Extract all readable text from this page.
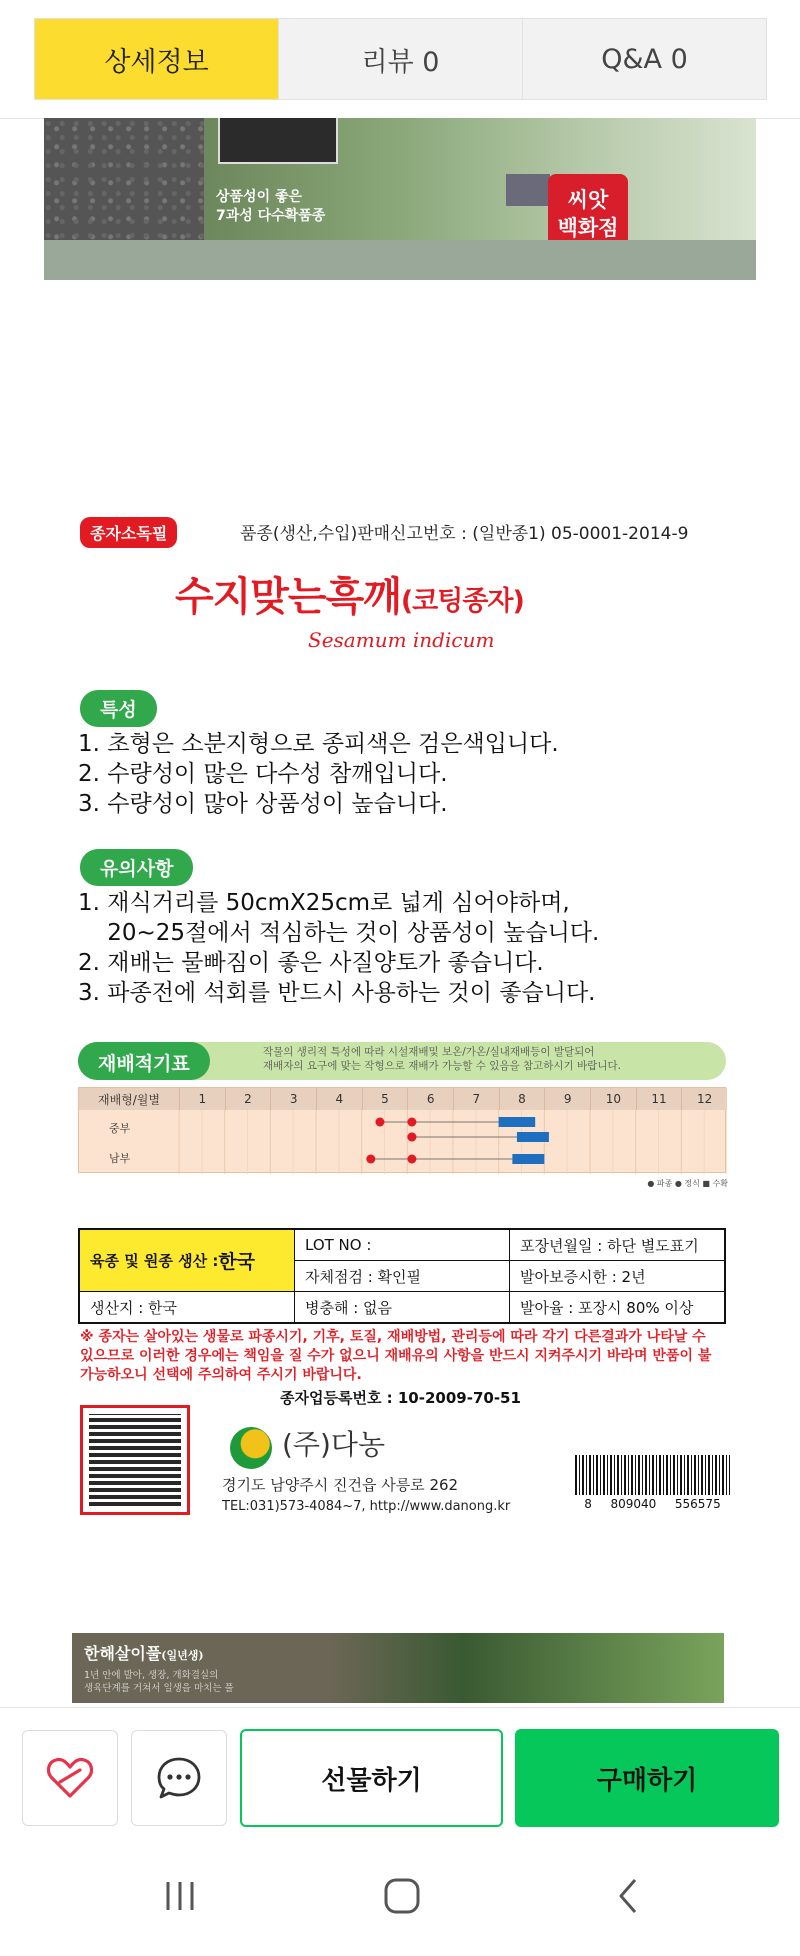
상세정보	리뷰 0	Q&A 0
상품성이 좋은
7과성 다수확품종
씨앗
백화점
종자소독필	품종(생산,수입)판매신고번호 : (일반종1) 05-0001-2014-9
수지맞는흑깨(코팅종자)
Sesamum indicum
특성
1. 초형은 소분지형으로 종피색은 검은색입니다.
2. 수량성이 많은 다수성 참깨입니다.
3. 수량성이 많아 상품성이 높습니다.
유의사항
1. 재식거리를 50cmX25cm로 넓게 심어야하며,
20~25절에서 적심하는 것이 상품성이 높습니다.
2. 재배는 물빠짐이 좋은 사질양토가 좋습니다.
3. 파종전에 석회를 반드시 사용하는 것이 좋습니다.
재배적기표
작물의 생리적 특성에 따라 시설재배및 보온/가온/실내재배등이 발달되어
재배자의 요구에 맞는 작형으로 재배가 가능할 수 있음을 참고하시기 바랍니다.
재배형/월별	1	2	3	4	5	6	7	8	9	10	11	12
중부
남부
● 파종 ● 정식 ■ 수확
육종 및 원종 생산 : 한국
LOT NO :	포장년월일 : 하단 별도표기
자체점검 : 확인필	발아보증시한 : 2년
생산지 : 한국	병충해 : 없음	발아율 : 포장시 80% 이상
※ 종자는 살아있는 생물로 파종시기, 기후, 토질, 재배방법, 관리등에 따라 각기 다른결과가 나타날 수 있으므로 이러한 경우에는 책임을 질 수가 없으니 재배유의 사항을 반드시 지켜주시기 바라며 반품이 불가능하오니 선택에 주의하여 주시기 바랍니다.
종자업등록번호 : 10-2009-70-51
(주)다농
경기도 남양주시 진건읍 사릉로 262
TEL:031)573-4084~7, http://www.danong.kr	8 809040 556575
한해살이풀(일년생)
1년 안에 발아, 생장, 개화결실의
생육단계를 거쳐서 일생을 마치는 풀
선물하기	구매하기
